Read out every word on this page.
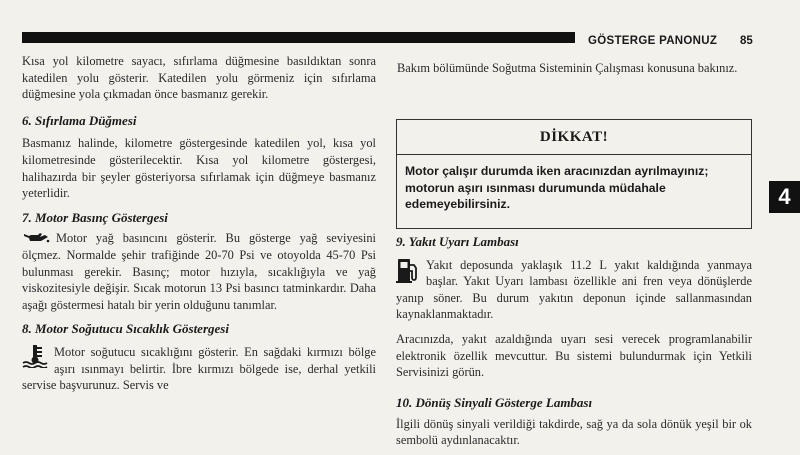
GÖSTERGE PANONUZ 85
4

Kısa yol kilometre sayacı, sıfırlama düğmesine basıldıktan sonra katedilen yolu gösterir. Katedilen yolu görmeniz için sıfırlama düğmesine yola çıkmadan önce basmanız gerekir.

6. Sıfırlama Düğmesi

Basmanız halinde, kilometre göstergesinde katedilen yol, kısa yol kilometresinde gösterilecektir. Kısa yol kilometre göstergesi, halihazırda bir şeyler gösteriyorsa sıfırlamak için düğmeye basmanız yeterlidir.

7. Motor Basınç Göstergesi

Motor yağ basıncını gösterir. Bu gösterge yağ seviyesini ölçmez. Normalde şehir trafiğinde 20-70 Psi ve otoyolda 45-70 Psi bulunması gerekir. Basınç; motor hızıyla, sıcaklığıyla ve yağ viskozitesiyle değişir. Sıcak motorun 13 Psi basıncı tatminkardır. Daha aşağı göstermesi hatalı bir yerin olduğunu tanımlar.

8. Motor Soğutucu Sıcaklık Göstergesi

Motor soğutucu sıcaklığını gösterir. En sağdaki kırmızı bölge aşırı ısınmayı belirtir. İbre kırmızı bölgede ise, derhal yetkili servise başvurunuz. Servis ve

Bakım bölümünde Soğutma Sisteminin Çalışması konusuna bakınız.

DİKKAT!
Motor çalışır durumda iken aracınızdan ayrılmayınız; motorun aşırı ısınması durumunda müdahale edemeyebilirsiniz.
9. Yakıt Uyarı Lambası

Yakıt deposunda yaklaşık 11.2 L yakıt kaldığında yanmaya başlar. Yakıt Uyarı lambası özellikle ani fren veya dönüşlerde yanıp söner. Bu durum yakıtın deponun içinde sallanmasından kaynaklanmaktadır.

Aracınızda, yakıt azaldığında uyarı sesi verecek programlanabilir elektronik özellik mevcuttur. Bu sistemi bulundurmak için Yetkili Servisinizi görün.

10. Dönüş Sinyali Gösterge Lambası

İlgili dönüş sinyali verildiği takdirde, sağ ya da sola dönük yeşil bir ok sembolü aydınlanacaktır.
